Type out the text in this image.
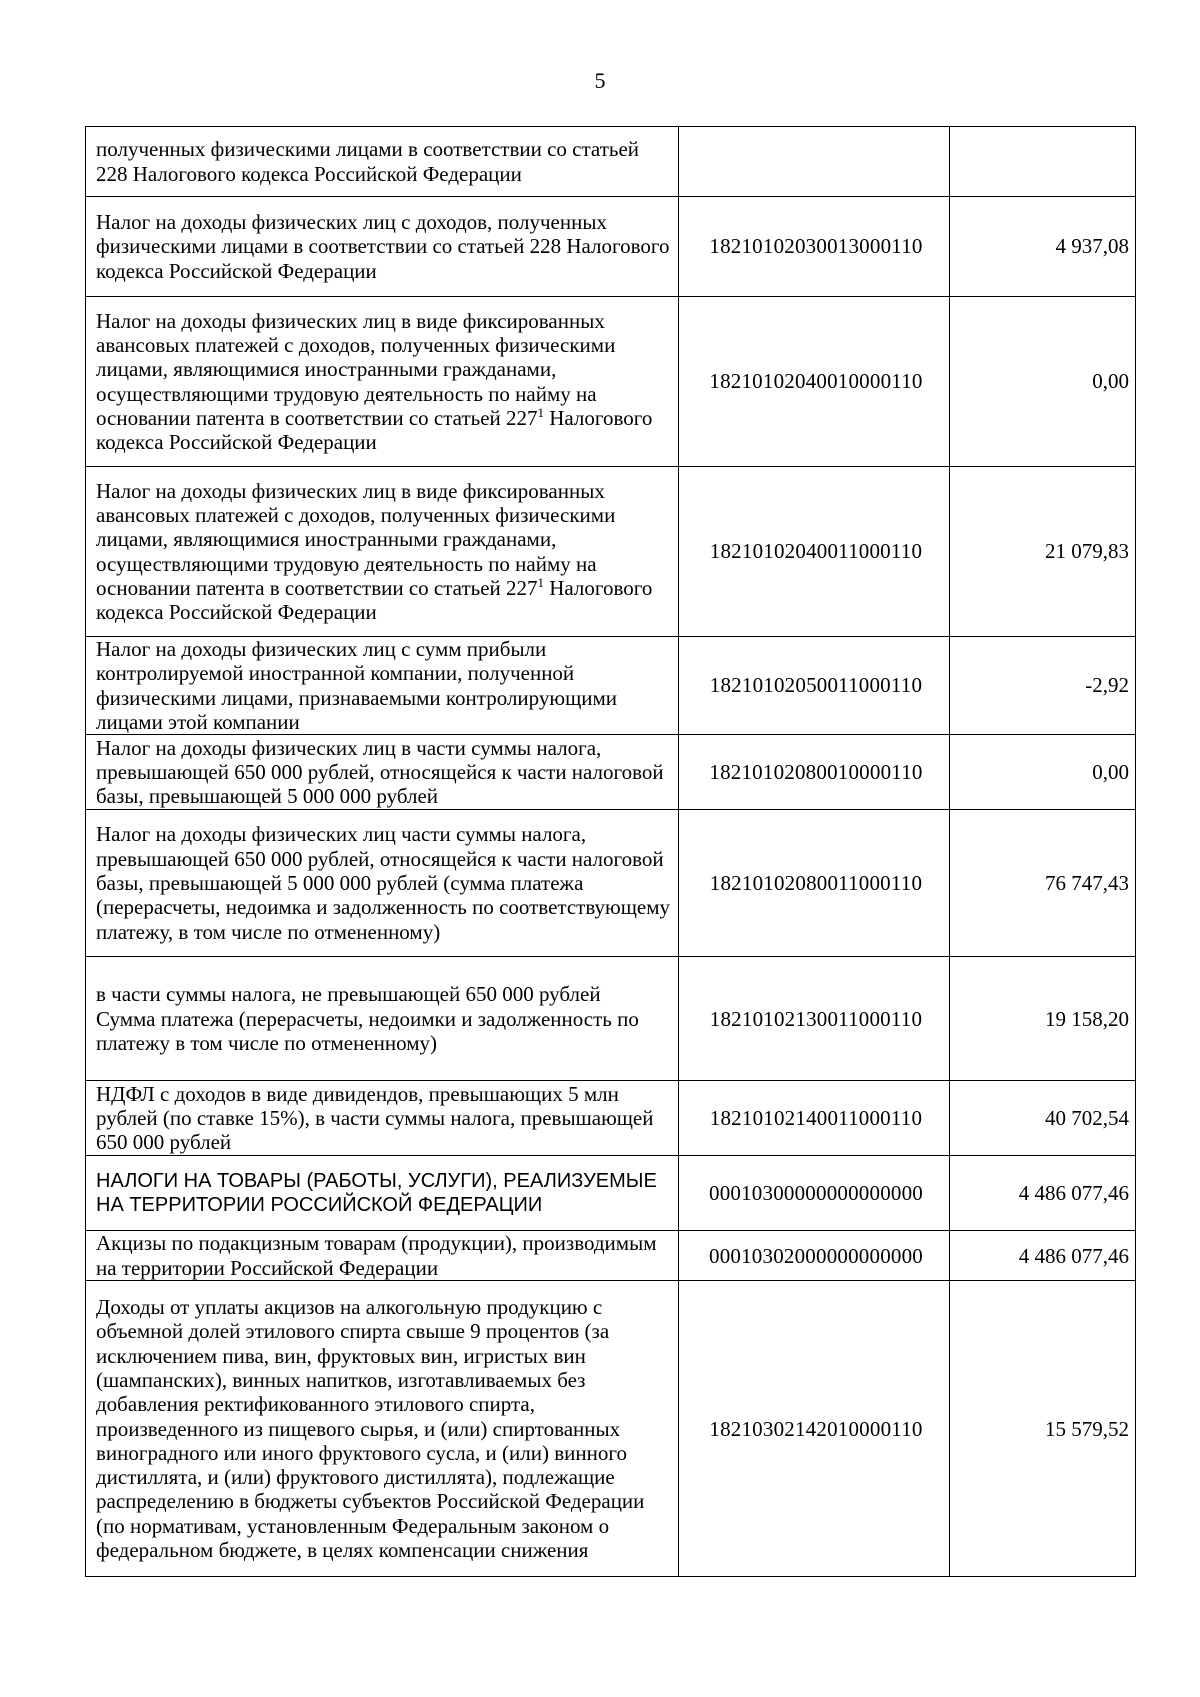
5
полученных физическими лицами в соответствии со статьей 228 Налогового кодекса Российской Федерации		
Налог на доходы физических лиц с доходов, полученных физическими лицами в соответствии со статьей 228 Налогового кодекса Российской Федерации	18210102030013000110	4 937,08
Налог на доходы физических лиц в виде фиксированных авансовых платежей с доходов, полученных физическими лицами, являющимися иностранными гражданами, осуществляющими трудовую деятельность по найму на основании патента в соответствии со статьей $227^1$ Налогового кодекса Российской Федерации	18210102040010000110	0,00
Налог на доходы физических лиц в виде фиксированных авансовых платежей с доходов, полученных физическими лицами, являющимися иностранными гражданами, осуществляющими трудовую деятельность по найму на основании патента в соответствии со статьей $227^1$ Налогового кодекса Российской Федерации	18210102040011000110	21 079,83
Налог на доходы физических лиц с сумм прибыли контролируемой иностранной компании, полученной физическими лицами, признаваемыми контролирующими лицами этой компании	18210102050011000110	-2,92
Налог на доходы физических лиц в части суммы налога, превышающей 650 000 рублей, относящейся к части налоговой базы, превышающей 5 000 000 рублей	18210102080010000110	0,00
Налог на доходы физических лиц части суммы налога, превышающей 650 000 рублей, относящейся к части налоговой базы, превышающей 5 000 000 рублей (сумма платежа (перерасчеты, недоимка и задолженность по соответствующему платежу, в том числе по отмененному)	18210102080011000110	76 747,43

в части суммы налога, не превышающей 650 000 рублей

Сумма платежа (перерасчеты, недоимки и задолженность по платежу в том числе по отмененному)	18210102130011000110	19 158,20
НДФЛ с доходов в виде дивидендов, превышающих 5 млн рублей (по ставке 15%), в части суммы налога, превышающей 650 000 рублей	18210102140011000110	40 702,54
НАЛОГИ НА ТОВАРЫ (РАБОТЫ, УСЛУГИ), РЕАЛИЗУЕМЫЕ НА ТЕРРИТОРИИ РОССИЙСКОЙ ФЕДЕРАЦИИ	00010300000000000000	4 486 077,46
Акцизы по подакцизным товарам (продукции), производимым на территории Российской Федерации	00010302000000000000	4 486 077,46
Доходы от уплаты акцизов на алкогольную продукцию с объемной долей этилового спирта свыше 9 процентов (за исключением пива, вин, фруктовых вин, игристых вин (шампанских), винных напитков, изготавливаемых без добавления ректификованного этилового спирта, произведенного из пищевого сырья, и (или) спиртованных виноградного или иного фруктового сусла, и (или) винного дистиллята, и (или) фруктового дистиллята), подлежащие распределению в бюджеты субъектов Российской Федерации (по нормативам, установленным Федеральным законом о федеральном бюджете, в целях компенсации снижения	18210302142010000110	15 579,52
